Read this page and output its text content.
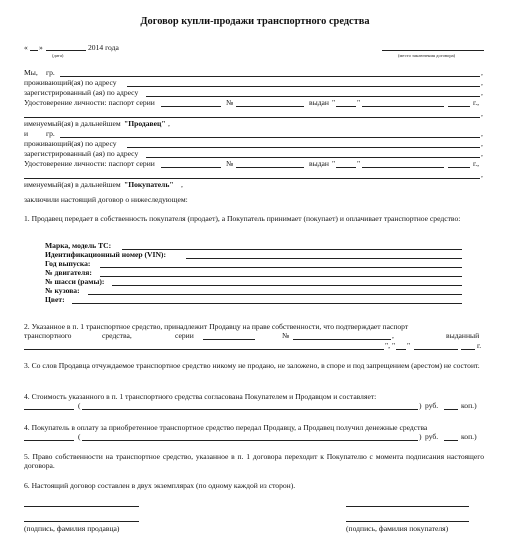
Договор купли-продажи транспортного средства
« »	2014 года
(дата)	(место заключения договора)
Мы, гр.	,
проживающий(ая) по адресу	,
зарегистрированный (ая) по адресу	,
Удостоверение личности: паспорт серии	№	выдан "	"	г.,
,
именуемый(ая) в дальнейшем "Продавец" ,
и гр.	,
проживающий(ая) по адресу	,
зарегистрированный (ая) по адресу	,
Удостоверение личности: паспорт серии	№	выдан "	"	г.,
,
именуемый(ая) в дальнейшем "Покупатель" ,
заключили настоящий договор о нижеследующем:
1. Продавец передает в собственность покупателя (продает), а Покупатель принимает (покупает) и оплачивает транспортное средство:
Марка, модель ТС:
Идентификационный номер (VIN):
Год выпуска:
№ двигателя:
№ шасси (рамы):
№ кузова:
Цвет:
2. Указанное в п. 1 транспортное средство, принадлежит Продавцу на праве собственности, что подтверждает паспорт
транспортного	средства,	серии	№	,	выданный
", " "	г.
3. Со слов Продавца отчуждаемое транспортное средство никому не продано, не заложено, в споре и под запрещением (арестом) не состоит.
4. Стоимость указанного в п. 1 транспортного средства согласована Покупателем и Продавцом и составляет:
(	) руб.	коп.)
4. Покупатель в оплату за приобретенное транспортное средство передал Продавцу, а Продавец получил денежные средства
(	) руб.	коп.)
5. Право собственности на транспортное средство, указанное в п. 1 договора переходит к Покупателю с момента подписания настоящего договора.
6. Настоящий договор составлен в двух экземплярах (по одному каждой из сторон).
(подпись, фамилия продавца)	(подпись, фамилия покупателя)
